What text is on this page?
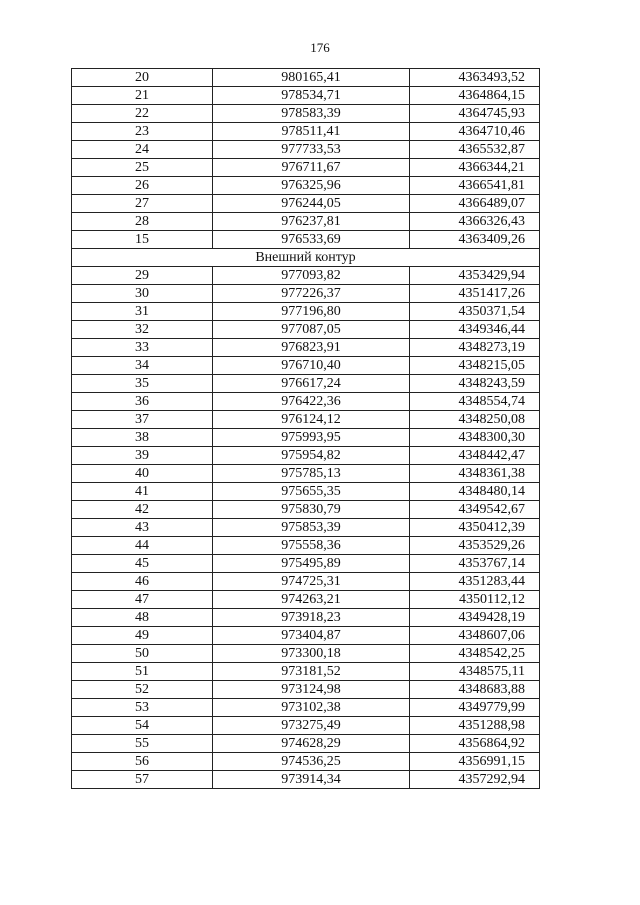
176
20	980165,41	4363493,52
21	978534,71	4364864,15
22	978583,39	4364745,93
23	978511,41	4364710,46
24	977733,53	4365532,87
25	976711,67	4366344,21
26	976325,96	4366541,81
27	976244,05	4366489,07
28	976237,81	4366326,43
15	976533,69	4363409,26
Внешний контур		
29	977093,82	4353429,94
30	977226,37	4351417,26
31	977196,80	4350371,54
32	977087,05	4349346,44
33	976823,91	4348273,19
34	976710,40	4348215,05
35	976617,24	4348243,59
36	976422,36	4348554,74
37	976124,12	4348250,08
38	975993,95	4348300,30
39	975954,82	4348442,47
40	975785,13	4348361,38
41	975655,35	4348480,14
42	975830,79	4349542,67
43	975853,39	4350412,39
44	975558,36	4353529,26
45	975495,89	4353767,14
46	974725,31	4351283,44
47	974263,21	4350112,12
48	973918,23	4349428,19
49	973404,87	4348607,06
50	973300,18	4348542,25
51	973181,52	4348575,11
52	973124,98	4348683,88
53	973102,38	4349779,99
54	973275,49	4351288,98
55	974628,29	4356864,92
56	974536,25	4356991,15
57	973914,34	4357292,94
